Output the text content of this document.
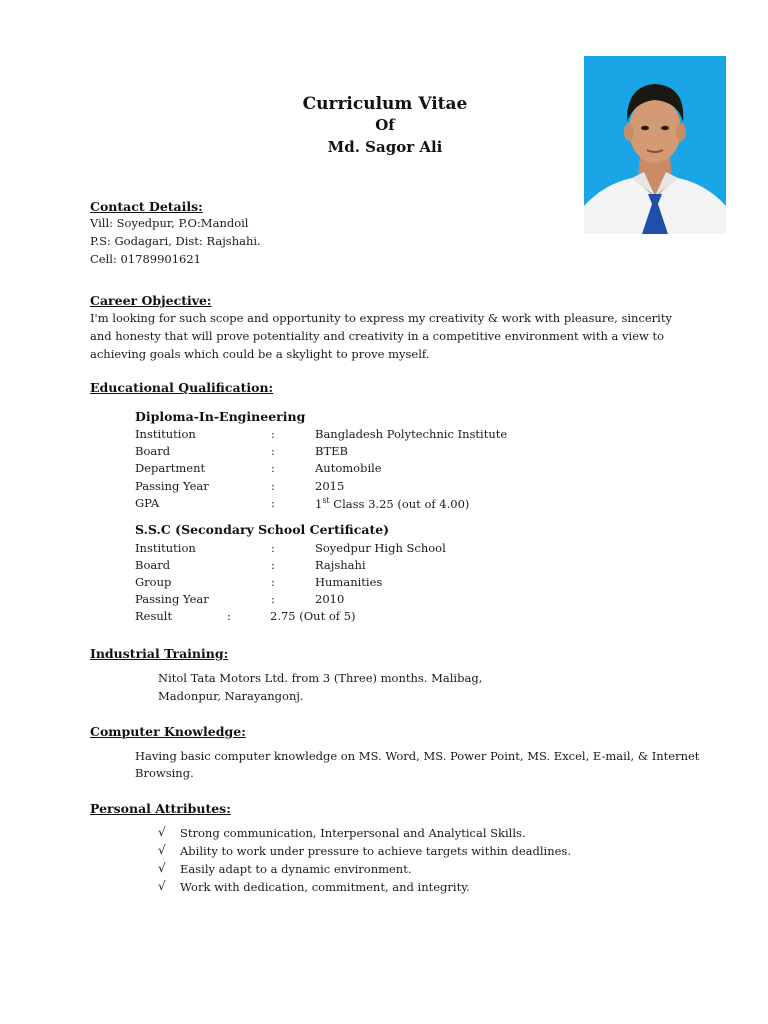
Curriculum Vitae
Of
Md. Sagor Ali
Contact Details:
Vill: Soyedpur, P.O:Mandoil
P.S: Godagari, Dist: Rajshahi.
Cell: 01789901621
Career Objective:
I'm looking for such scope and opportunity to express my creativity & work with pleasure, sincerity and honesty that will prove potentiality and creativity in a competitive environment with a view to achieving goals which could be a skylight to prove myself.
Educational Qualification:
Diploma-In-Engineering
Institution	:	Bangladesh Polytechnic Institute
Board	:	BTEB
Department	:	Automobile
Passing Year	:	2015
GPA	:	1st Class 3.25 (out of 4.00)
S.S.C (Secondary School Certificate)
Institution	:	Soyedpur High School
Board	:	Rajshahi
Group	:	Humanities
Passing Year	:	2010
Result	:	2.75 (Out of 5)
Industrial Training:
Nitol Tata Motors Ltd. from 3 (Three) months. Malibag,
Madonpur, Narayangonj.
Computer Knowledge:
Having basic computer knowledge on MS. Word, MS. Power Point, MS. Excel, E-mail, & Internet
Browsing.
Personal Attributes:
√ Strong communication, Interpersonal and Analytical Skills.
√ Ability to work under pressure to achieve targets within deadlines.
√ Easily adapt to a dynamic environment.
√ Work with dedication, commitment, and integrity.
